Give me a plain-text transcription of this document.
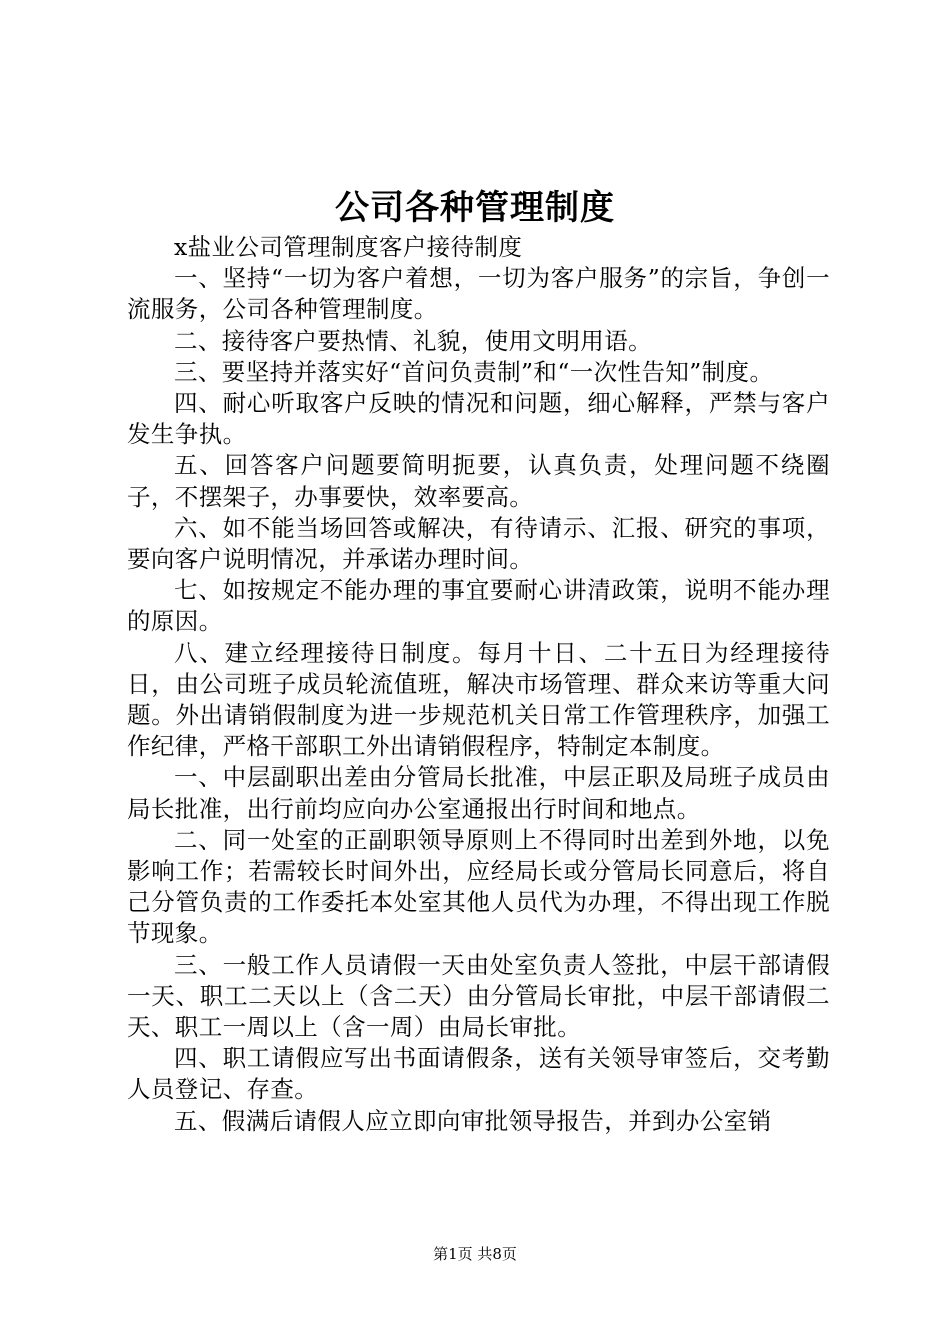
公司各种管理制度

x盐业公司管理制度客户接待制度

一、坚持“一切为客户着想，一切为客户服务”的宗旨，争创一流服务，公司各种管理制度。

二、接待客户要热情、礼貌，使用文明用语。

三、要坚持并落实好“首问负责制”和“一次性告知”制度。

四、耐心听取客户反映的情况和问题，细心解释，严禁与客户发生争执。

五、回答客户问题要简明扼要，认真负责，处理问题不绕圈子，不摆架子，办事要快，效率要高。

六、如不能当场回答或解决，有待请示、汇报、研究的事项，要向客户说明情况，并承诺办理时间。

七、如按规定不能办理的事宜要耐心讲清政策，说明不能办理的原因。

八、建立经理接待日制度。每月十日、二十五日为经理接待日，由公司班子成员轮流值班，解决市场管理、群众来访等重大问题。外出请销假制度为进一步规范机关日常工作管理秩序，加强工作纪律，严格干部职工外出请销假程序，特制定本制度。

一、中层副职出差由分管局长批准，中层正职及局班子成员由局长批准，出行前均应向办公室通报出行时间和地点。

二、同一处室的正副职领导原则上不得同时出差到外地，以免影响工作；若需较长时间外出，应经局长或分管局长同意后，将自己分管负责的工作委托本处室其他人员代为办理，不得出现工作脱节现象。

三、一般工作人员请假一天由处室负责人签批，中层干部请假一天、职工二天以上（含二天）由分管局长审批，中层干部请假二天、职工一周以上（含一周）由局长审批。

四、职工请假应写出书面请假条，送有关领导审签后，交考勤人员登记、存查。

五、假满后请假人应立即向审批领导报告，并到办公室销

第1页 共8页
